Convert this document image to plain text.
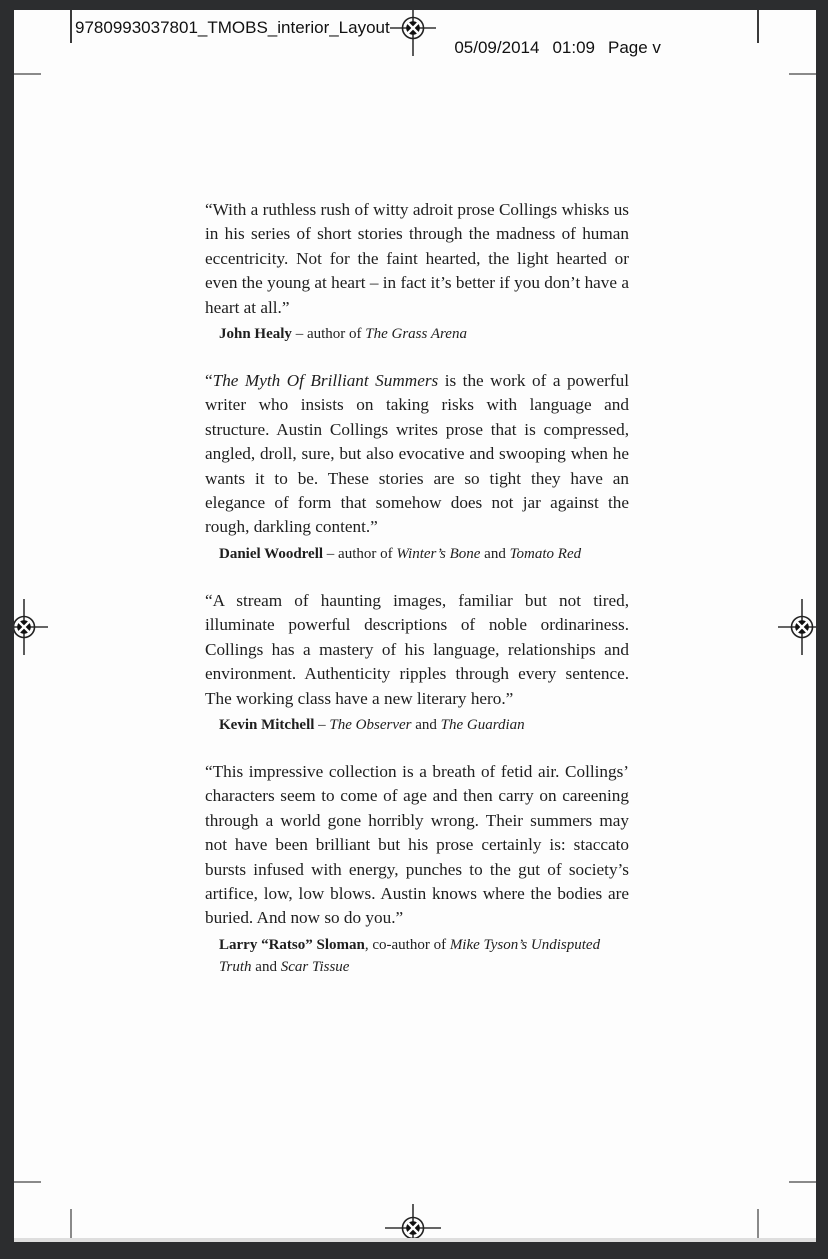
9780993037801_TMOBS_interior_Layout

05/09/2014 01:09 Page v

“With a ruthless rush of witty adroit prose Collings whisks us in his series of short stories through the madness of human eccentricity. Not for the faint hearted, the light hearted or even the young at heart – in fact it’s better if you don’t have a heart at all.”

John Healy – author of The Grass Arena

“The Myth Of Brilliant Summers is the work of a powerful writer who insists on taking risks with language and structure. Austin Collings writes prose that is compressed, angled, droll, sure, but also evocative and swooping when he wants it to be. These stories are so tight they have an elegance of form that somehow does not jar against the rough, darkling content.”

Daniel Woodrell – author of Winter’s Bone and Tomato Red

“A stream of haunting images, familiar but not tired, illuminate powerful descriptions of noble ordinariness. Collings has a mastery of his language, relationships and environment. Authenticity ripples through every sentence. The working class have a new literary hero.”

Kevin Mitchell – The Observer and The Guardian

“This impressive collection is a breath of fetid air. Collings’ characters seem to come of age and then carry on careening through a world gone horribly wrong. Their summers may not have been brilliant but his prose certainly is: staccato bursts infused with energy, punches to the gut of society’s artifice, low, low blows. Austin knows where the bodies are buried. And now so do you.”

Larry “Ratso” Sloman, co-author of Mike Tyson’s Undisputed Truth and Scar Tissue
